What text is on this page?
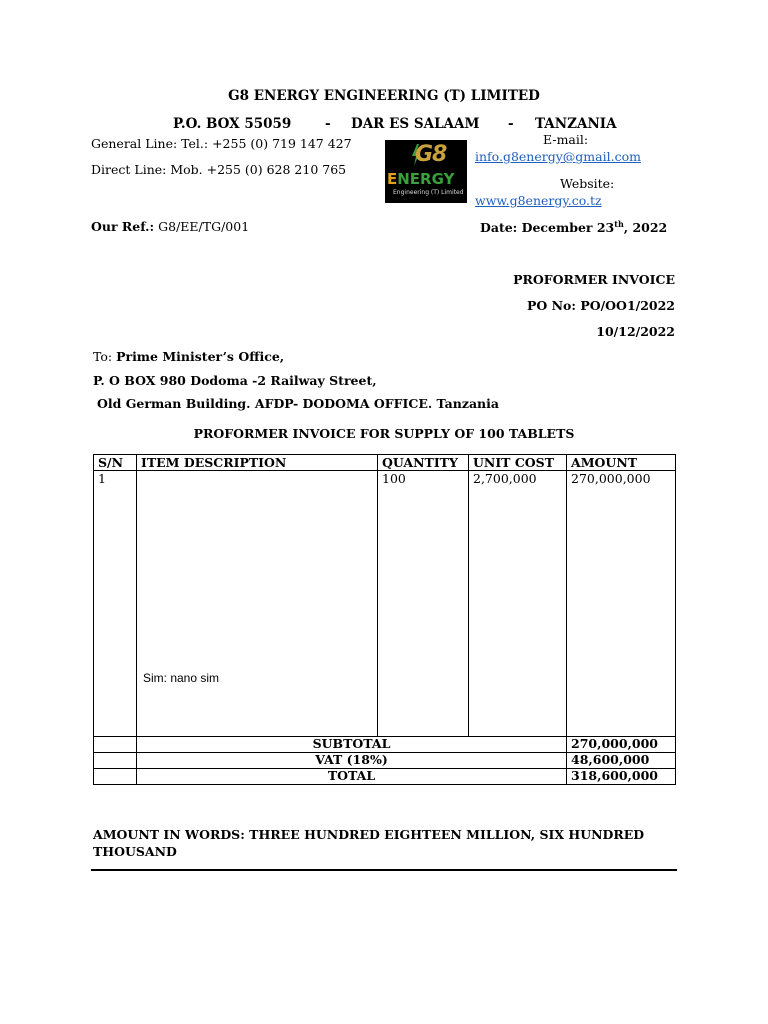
G8 ENERGY ENGINEERING (T) LIMITED
P.O. BOX 55059 - DAR ES SALAAM - TANZANIA
General Line: Tel.: +255 (0) 719 147 427
Direct Line: Mob. +255 (0) 628 210 765
G8
ENERGY
Engineering (T) Limited
E-mail:
info.g8energy@gmail.com
Website:
www.g8energy.co.tz
Our Ref.: G8/EE/TG/001	Date: December 23th, 2022
PROFORMER INVOICE
PO No: PO/OO1/2022
10/12/2022
To: Prime Minister’s Office,
P. O BOX 980 Dodoma -2 Railway Street,
Old German Building. AFDP- DODOMA OFFICE. Tanzania
PROFORMER INVOICE FOR SUPPLY OF 100 TABLETS
S/N	ITEM DESCRIPTION	QUANTITY	UNIT COST	AMOUNT
1	Sim: nano sim	100	2,700,000	270,000,000
	SUBTOTAL			270,000,000
	VAT (18%)			48,600,000
	TOTAL			318,600,000
AMOUNT IN WORDS: THREE HUNDRED EIGHTEEN MILLION, SIX HUNDRED THOUSAND
